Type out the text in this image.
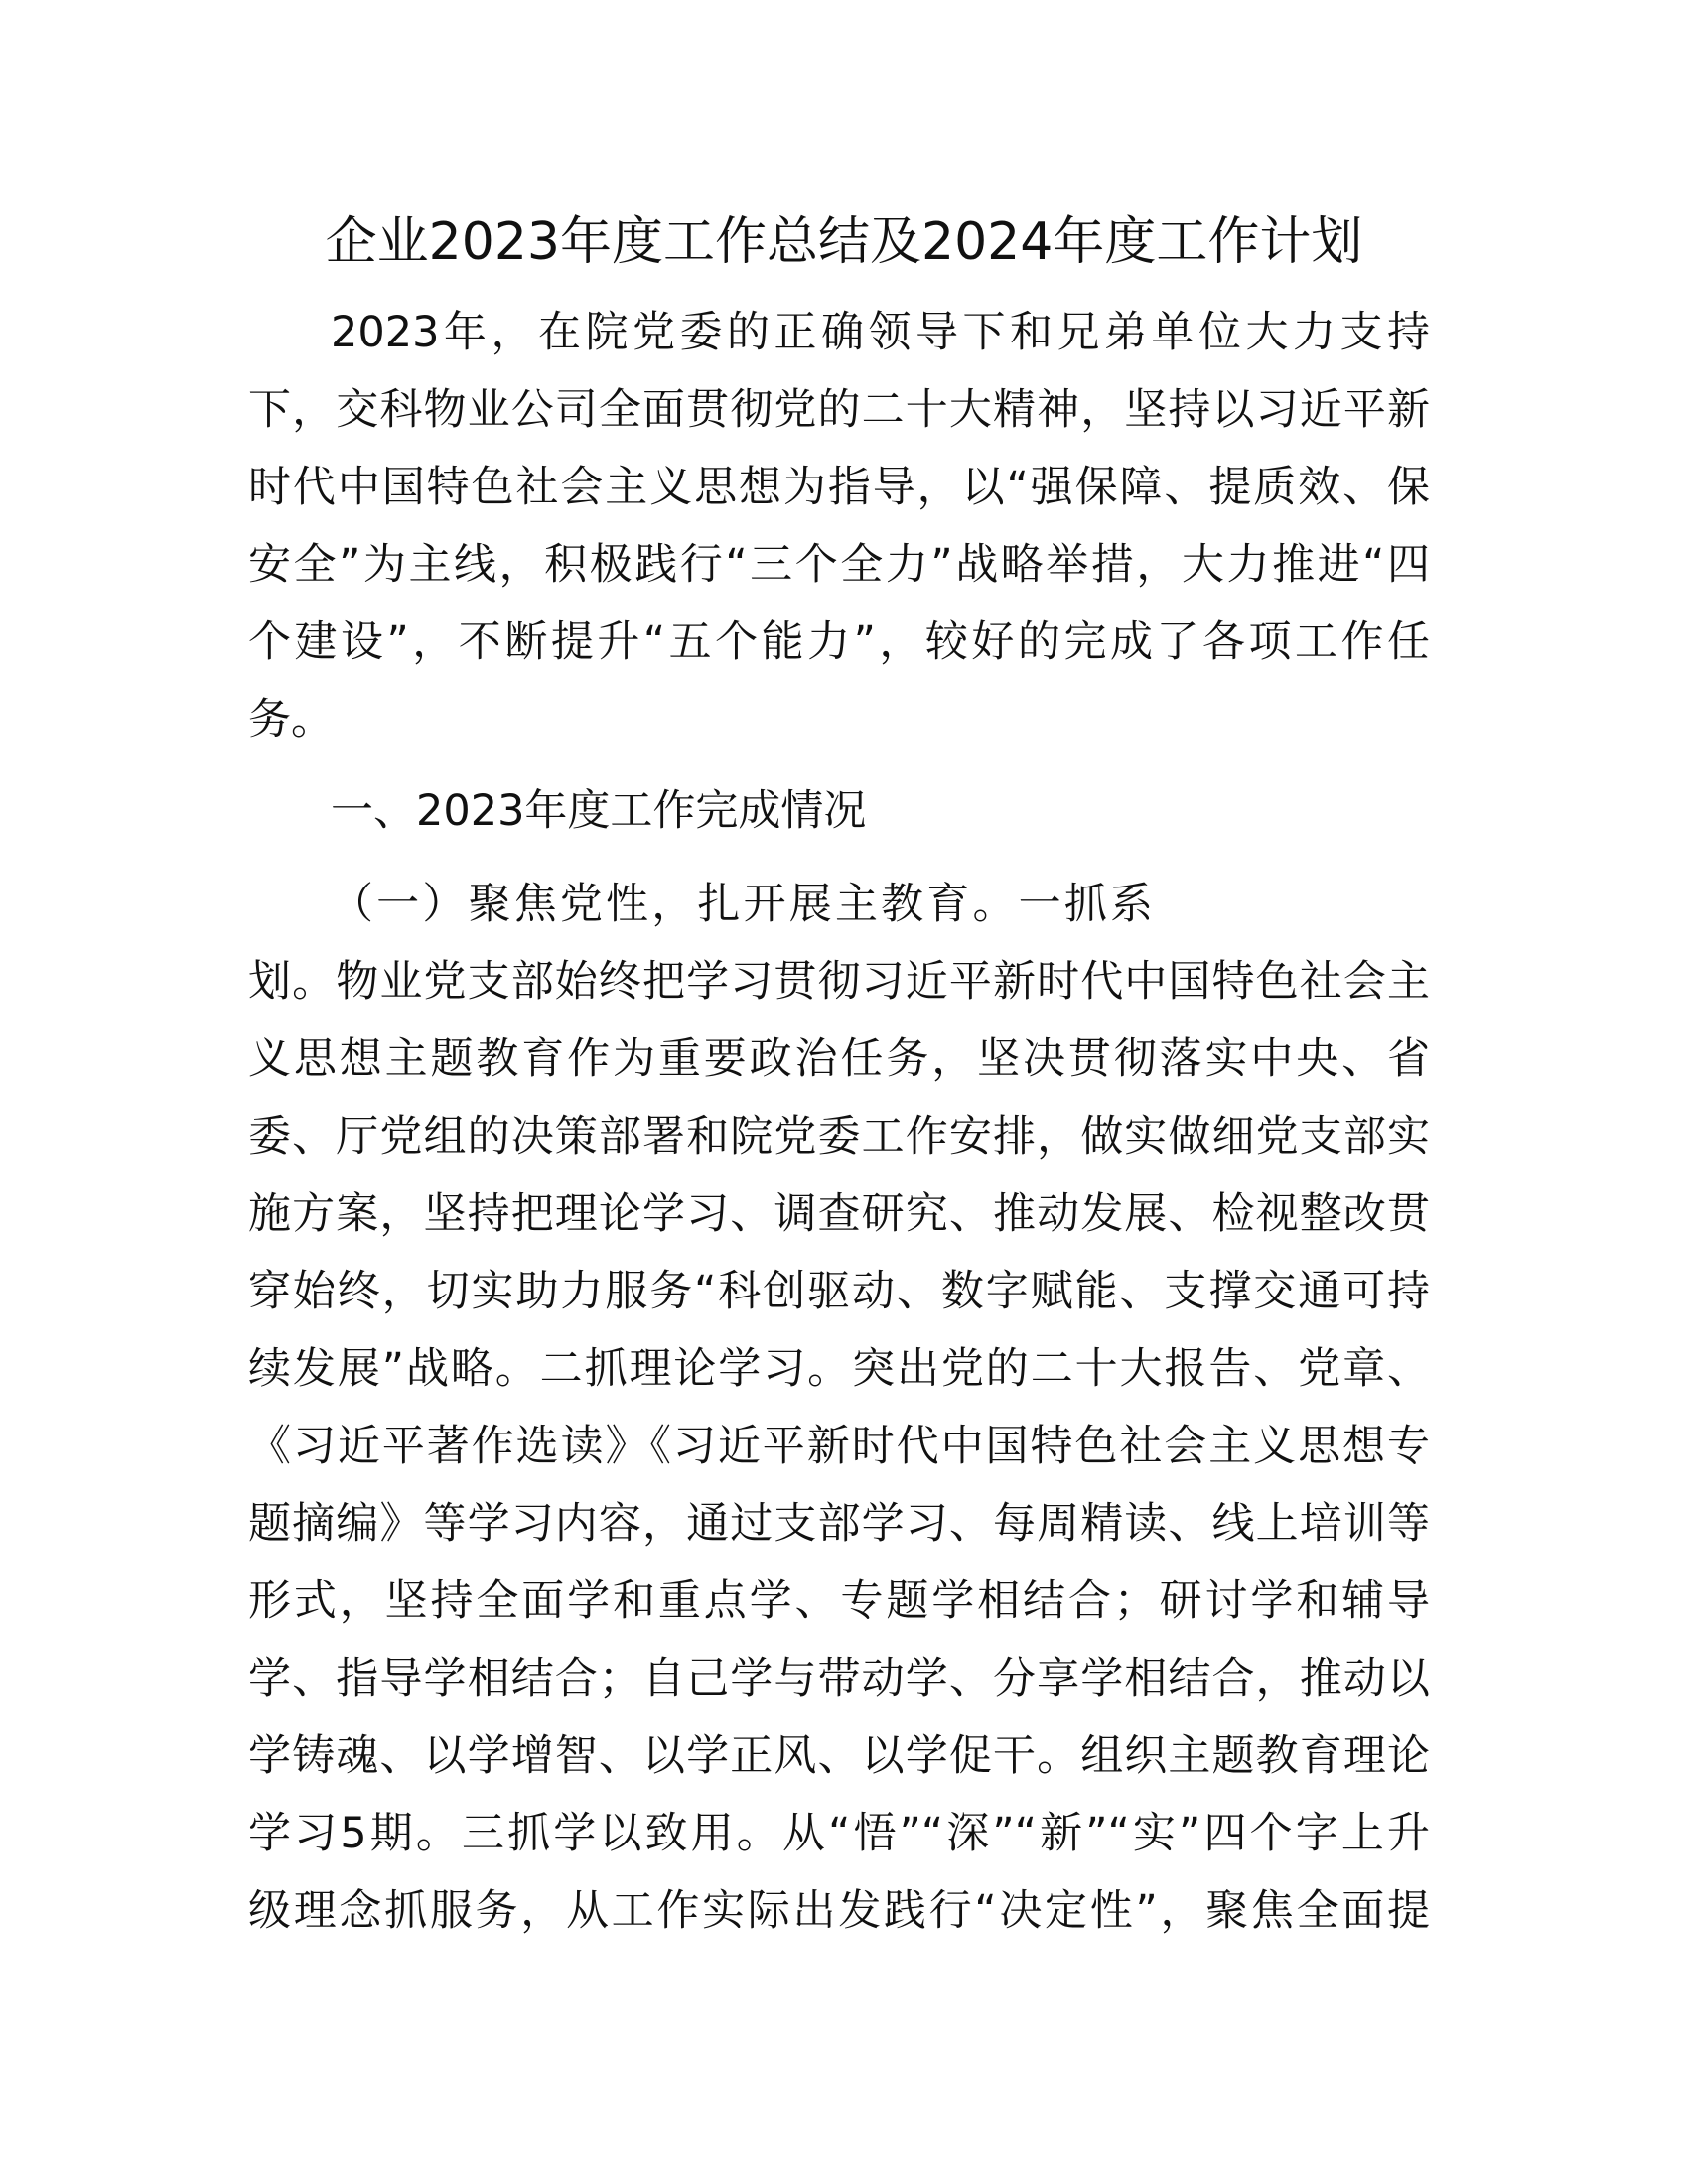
企业2023年度工作总结及2024年度工作计划
2023年，在院党委的正确领导下和兄弟单位大力支持
下，交科物业公司全面贯彻党的二十大精神，坚持以习近平新
时代中国特色社会主义思想为指导，以“强保障、提质效、保
安全”为主线，积极践行“三个全力”战略举措，大力推进“四
个建设”，不断提升“五个能力”，较好的完成了各项工作任
务。
一、2023年度工作完成情况
（一）聚焦党性，扎开展主教育。一抓系
划。物业党支部始终把学习贯彻习近平新时代中国特色社会主
义思想主题教育作为重要政治任务，坚决贯彻落实中央、省
委、厅党组的决策部署和院党委工作安排，做实做细党支部实
施方案，坚持把理论学习、调查研究、推动发展、检视整改贯
穿始终，切实助力服务“科创驱动、数字赋能、支撑交通可持
续发展”战略。二抓理论学习。突出党的二十大报告、党章、
《习近平著作选读》《习近平新时代中国特色社会主义思想专
题摘编》等学习内容，通过支部学习、每周精读、线上培训等
形式，坚持全面学和重点学、专题学相结合；研讨学和辅导
学、指导学相结合；自己学与带动学、分享学相结合，推动以
学铸魂、以学增智、以学正风、以学促干。组织主题教育理论
学习5期。三抓学以致用。从“悟”“深”“新”“实”四个字上升
级理念抓服务，从工作实际出发践行“决定性”，聚焦全面提
